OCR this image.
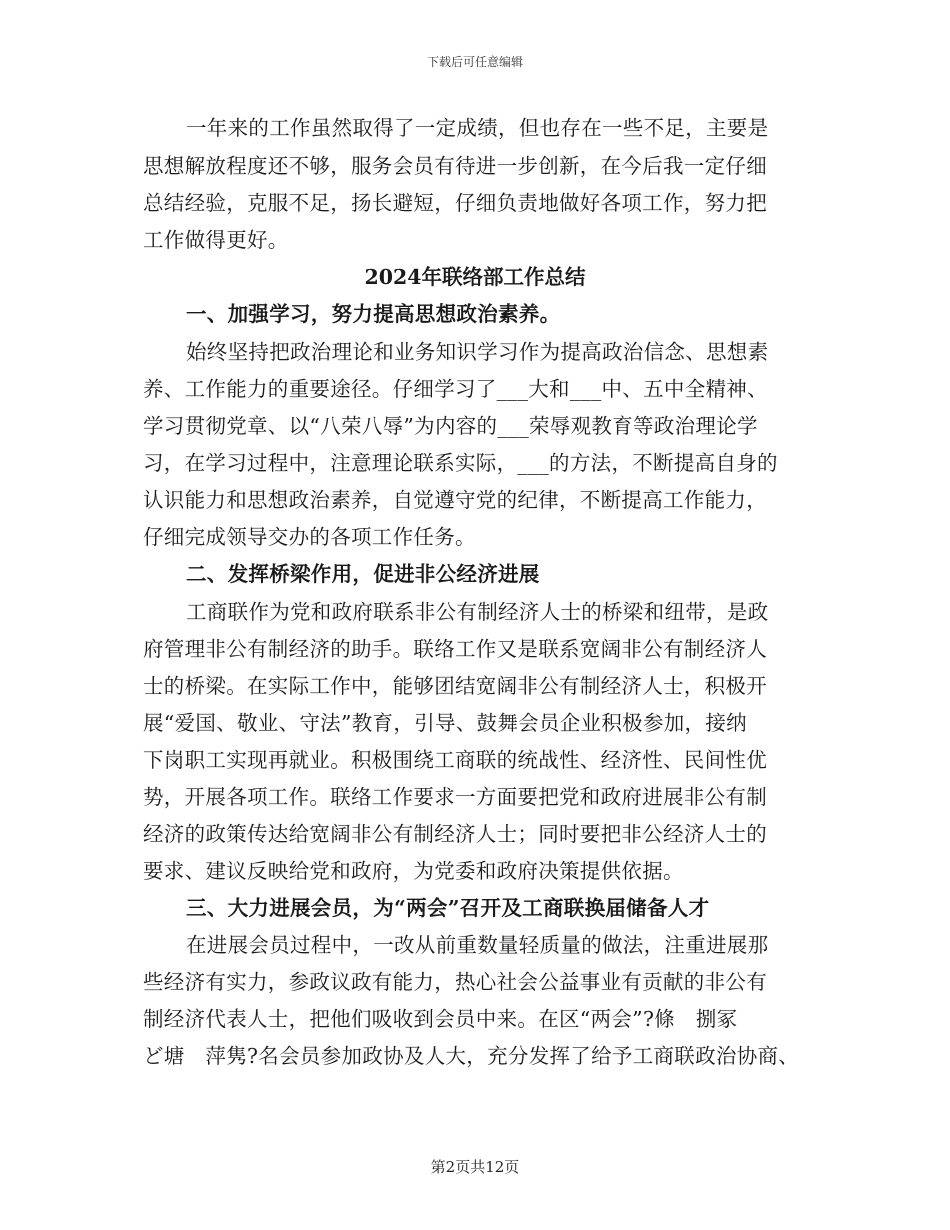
下载后可任意编辑
一年来的工作虽然取得了一定成绩，但也存在一些不足，主要是
思想解放程度还不够，服务会员有待进一步创新，在今后我一定仔细
总结经验，克服不足，扬长避短，仔细负责地做好各项工作，努力把
工作做得更好。
2024年联络部工作总结
一、加强学习，努力提高思想政治素养。
始终坚持把政治理论和业务知识学习作为提高政治信念、思想素
养、工作能力的重要途径。仔细学习了___大和___中、五中全精神、
学习贯彻党章、以“八荣八辱”为内容的___荣辱观教育等政治理论学
习，在学习过程中，注意理论联系实际，___的方法，不断提高自身的
认识能力和思想政治素养，自觉遵守党的纪律，不断提高工作能力，
仔细完成领导交办的各项工作任务。
二、发挥桥梁作用，促进非公经济进展
工商联作为党和政府联系非公有制经济人士的桥梁和纽带，是政
府管理非公有制经济的助手。联络工作又是联系宽阔非公有制经济人
士的桥梁。在实际工作中，能够团结宽阔非公有制经济人士，积极开
展“爱国、敬业、守法”教育，引导、鼓舞会员企业积极参加，接纳
下岗职工实现再就业。积极围绕工商联的统战性、经济性、民间性优
势，开展各项工作。联络工作要求一方面要把党和政府进展非公有制
经济的政策传达给宽阔非公有制经济人士；同时要把非公经济人士的
要求、建议反映给党和政府，为党委和政府决策提供依据。
三、大力进展会员，为“两会”召开及工商联换届储备人才
在进展会员过程中，一改从前重数量轻质量的做法，注重进展那
些经济有实力，参政议政有能力，热心社会公益事业有贡献的非公有
制经济代表人士，把他们吸收到会员中来。在区“两会”?條　捌冢
ど塘　萍隽?名会员参加政协及人大，充分发挥了给予工商联政治协商、
第2页共12页
